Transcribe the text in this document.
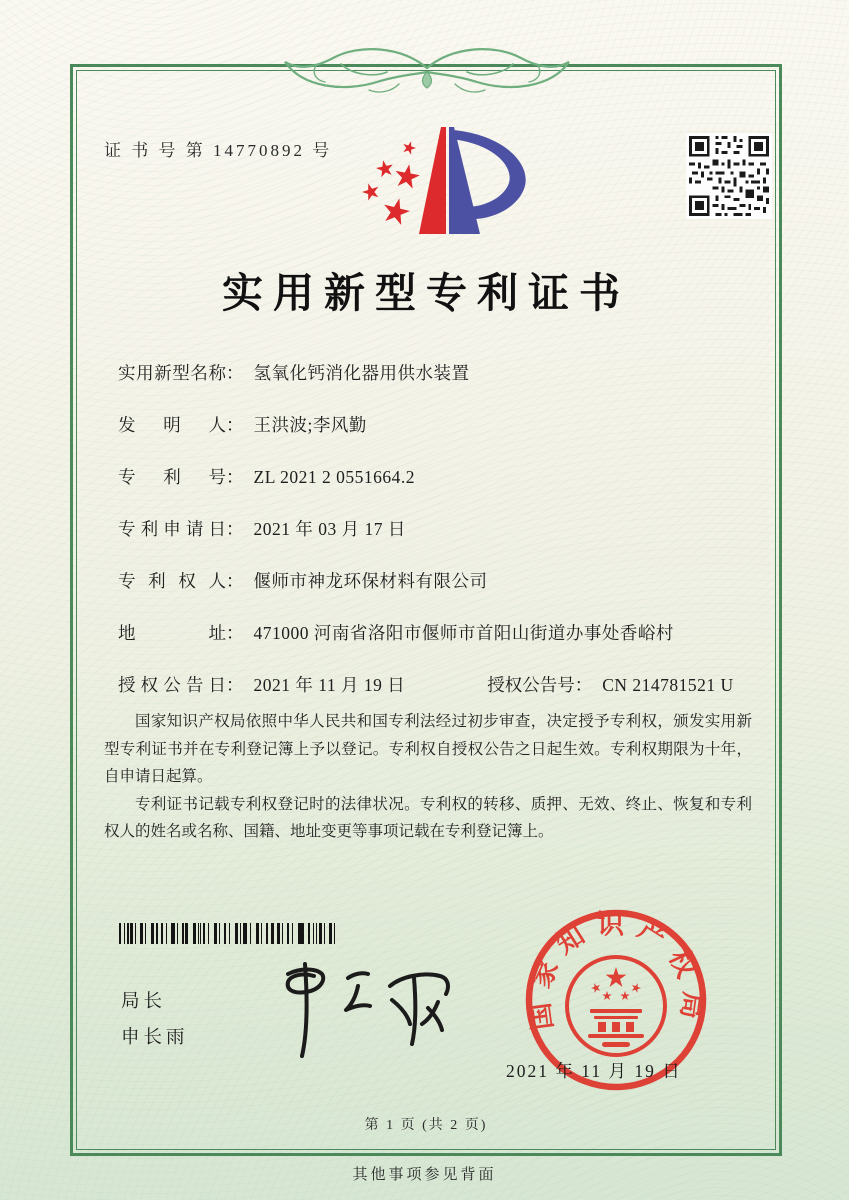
证 书 号 第 14770892 号
实用新型专利证书
实用新型名称 ： 氢氧化钙消化器用供水装置
发明人 ： 王洪波;李风勤
专利号 ： ZL 2021 2 0551664.2
专利申请日 ： 2021 年 03 月 17 日
专利权人 ： 偃师市神龙环保材料有限公司
地址 ： 471000 河南省洛阳市偃师市首阳山街道办事处香峪村
授权公告日 ： 2021 年 11 月 19 日	授权公告号 ： CN 214781521 U

国家知识产权局依照中华人民共和国专利法经过初步审查，决定授予专利权，颁发实用新型专利证书并在专利登记簿上予以登记。专利权自授权公告之日起生效。专利权期限为十年，自申请日起算。

专利证书记载专利权登记时的法律状况。专利权的转移、质押、无效、终止、恢复和专利权人的姓名或名称、国籍、地址变更等事项记载在专利登记簿上。

局长
申长雨
国家知识产权局
2021 年 11 月 19 日
第 1 页 (共 2 页)
其他事项参见背面
